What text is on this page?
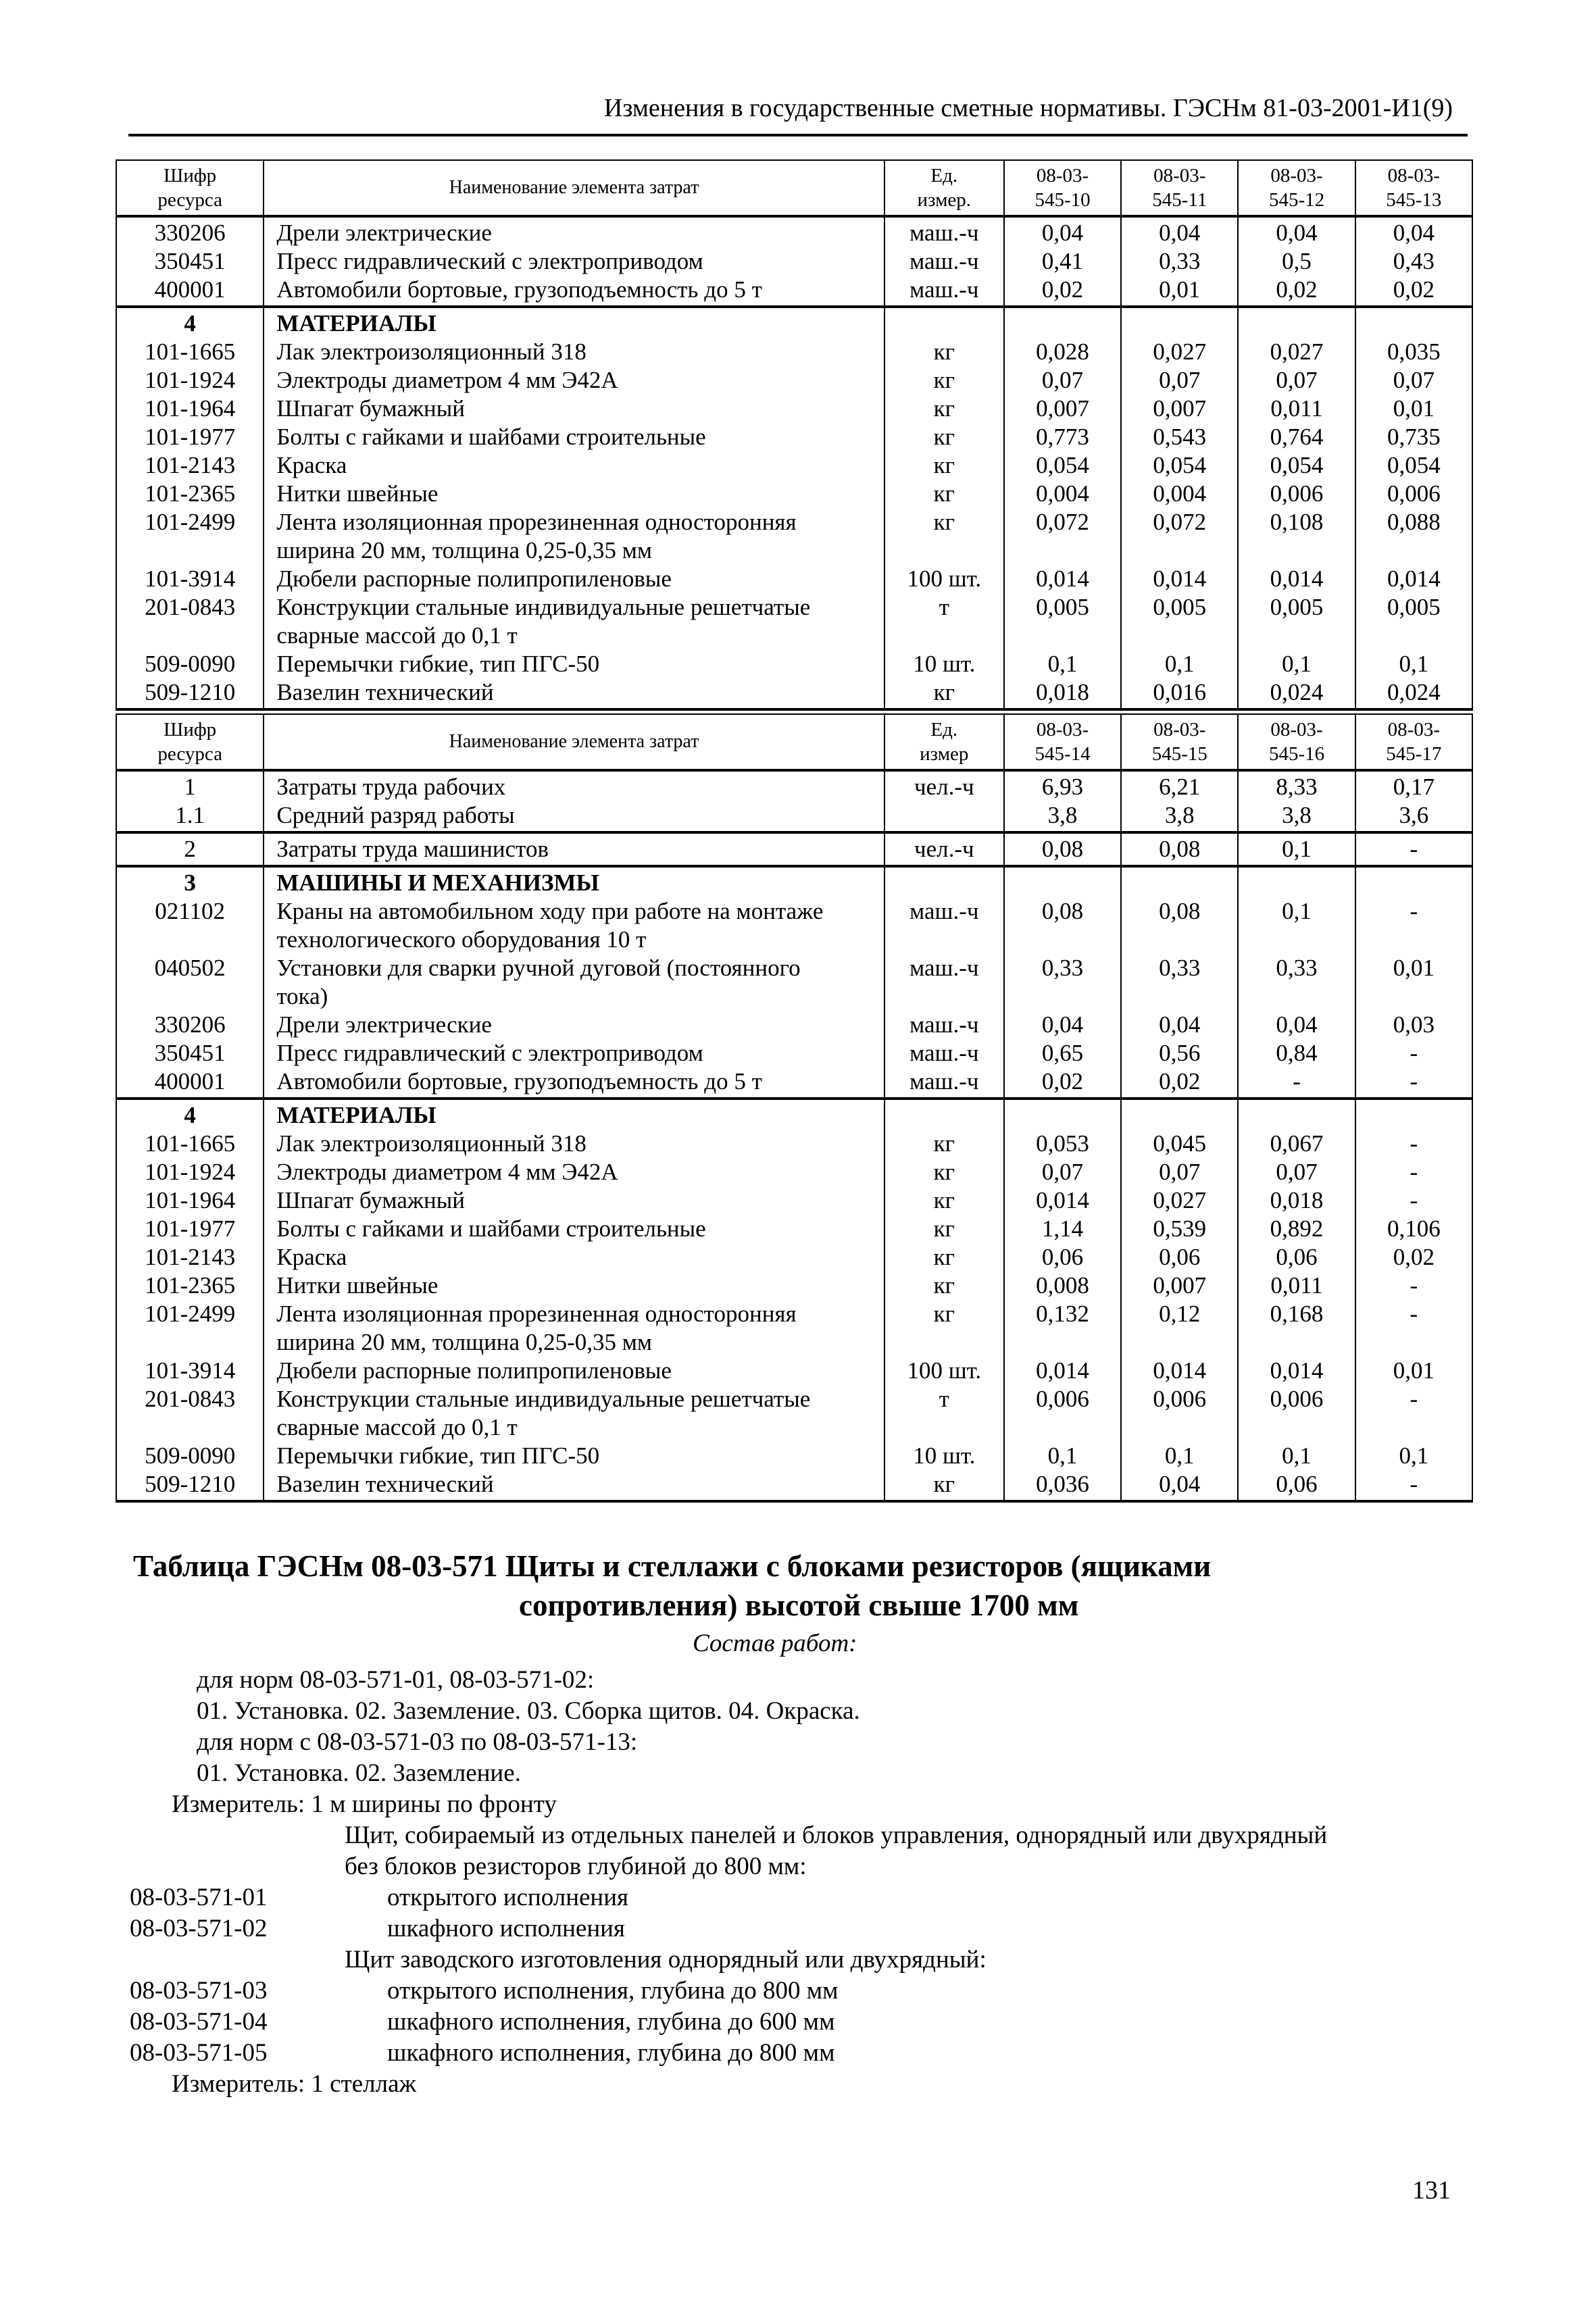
Изменения в государственные сметные нормативы. ГЭСНм 81-03-2001-И1(9)
Шифр
ресурса	Наименование элемента затрат	Ед.
измер.	08-03-
545-10	08-03-
545-11	08-03-
545-12	08-03-
545-13
330206	Дрели электрические	маш.-ч	0,04	0,04	0,04	0,04
350451	Пресс гидравлический с электроприводом	маш.-ч	0,41	0,33	0,5	0,43
400001	Автомобили бортовые, грузоподъемность до 5 т	маш.-ч	0,02	0,01	0,02	0,02
4	МАТЕРИАЛЫ					
101-1665	Лак электроизоляционный 318	кг	0,028	0,027	0,027	0,035
101-1924	Электроды диаметром 4 мм Э42А	кг	0,07	0,07	0,07	0,07
101-1964	Шпагат бумажный	кг	0,007	0,007	0,011	0,01
101-1977	Болты с гайками и шайбами строительные	кг	0,773	0,543	0,764	0,735
101-2143	Краска	кг	0,054	0,054	0,054	0,054
101-2365	Нитки швейные	кг	0,004	0,004	0,006	0,006
101-2499	Лента изоляционная прорезиненная односторонняя
ширина 20 мм, толщина 0,25-0,35 мм	кг	0,072	0,072	0,108	0,088
101-3914	Дюбели распорные полипропиленовые	100 шт.	0,014	0,014	0,014	0,014
201-0843	Конструкции стальные индивидуальные решетчатые
сварные массой до 0,1 т	т	0,005	0,005	0,005	0,005
509-0090	Перемычки гибкие, тип ПГС-50	10 шт.	0,1	0,1	0,1	0,1
509-1210	Вазелин технический	кг	0,018	0,016	0,024	0,024
Шифр
ресурса	Наименование элемента затрат	Ед.
измер	08-03-
545-14	08-03-
545-15	08-03-
545-16	08-03-
545-17
1	Затраты труда рабочих	чел.-ч	6,93	6,21	8,33	0,17
1.1	Средний разряд работы		3,8	3,8	3,8	3,6
2	Затраты труда машинистов	чел.-ч	0,08	0,08	0,1	-
3	МАШИНЫ И МЕХАНИЗМЫ					
021102	Краны на автомобильном ходу при работе на монтаже
технологического оборудования 10 т	маш.-ч	0,08	0,08	0,1	-
040502	Установки для сварки ручной дуговой (постоянного
тока)	маш.-ч	0,33	0,33	0,33	0,01
330206	Дрели электрические	маш.-ч	0,04	0,04	0,04	0,03
350451	Пресс гидравлический с электроприводом	маш.-ч	0,65	0,56	0,84	-
400001	Автомобили бортовые, грузоподъемность до 5 т	маш.-ч	0,02	0,02	-	-
4	МАТЕРИАЛЫ					
101-1665	Лак электроизоляционный 318	кг	0,053	0,045	0,067	-
101-1924	Электроды диаметром 4 мм Э42А	кг	0,07	0,07	0,07	-
101-1964	Шпагат бумажный	кг	0,014	0,027	0,018	-
101-1977	Болты с гайками и шайбами строительные	кг	1,14	0,539	0,892	0,106
101-2143	Краска	кг	0,06	0,06	0,06	0,02
101-2365	Нитки швейные	кг	0,008	0,007	0,011	-
101-2499	Лента изоляционная прорезиненная односторонняя
ширина 20 мм, толщина 0,25-0,35 мм	кг	0,132	0,12	0,168	-
101-3914	Дюбели распорные полипропиленовые	100 шт.	0,014	0,014	0,014	0,01
201-0843	Конструкции стальные индивидуальные решетчатые
сварные массой до 0,1 т	т	0,006	0,006	0,006	-
509-0090	Перемычки гибкие, тип ПГС-50	10 шт.	0,1	0,1	0,1	0,1
509-1210	Вазелин технический	кг	0,036	0,04	0,06	-
Таблица ГЭСНм 08-03-571 Щиты и стеллажи с блоками резисторов (ящиками
сопротивления) высотой свыше 1700 мм
Состав работ:
для норм 08-03-571-01, 08-03-571-02:
01. Установка. 02. Заземление. 03. Сборка щитов. 04. Окраска.
для норм с 08-03-571-03 по 08-03-571-13:
01. Установка. 02. Заземление.
Измеритель: 1 м ширины по фронту
Щит, собираемый из отдельных панелей и блоков управления, однорядный или двухрядный
без блоков резисторов глубиной до 800 мм:
08-03-571-01	открытого исполнения
08-03-571-02	шкафного исполнения
Щит заводского изготовления однорядный или двухрядный:
08-03-571-03	открытого исполнения, глубина до 800 мм
08-03-571-04	шкафного исполнения, глубина до 600 мм
08-03-571-05	шкафного исполнения, глубина до 800 мм
Измеритель: 1 стеллаж
131
